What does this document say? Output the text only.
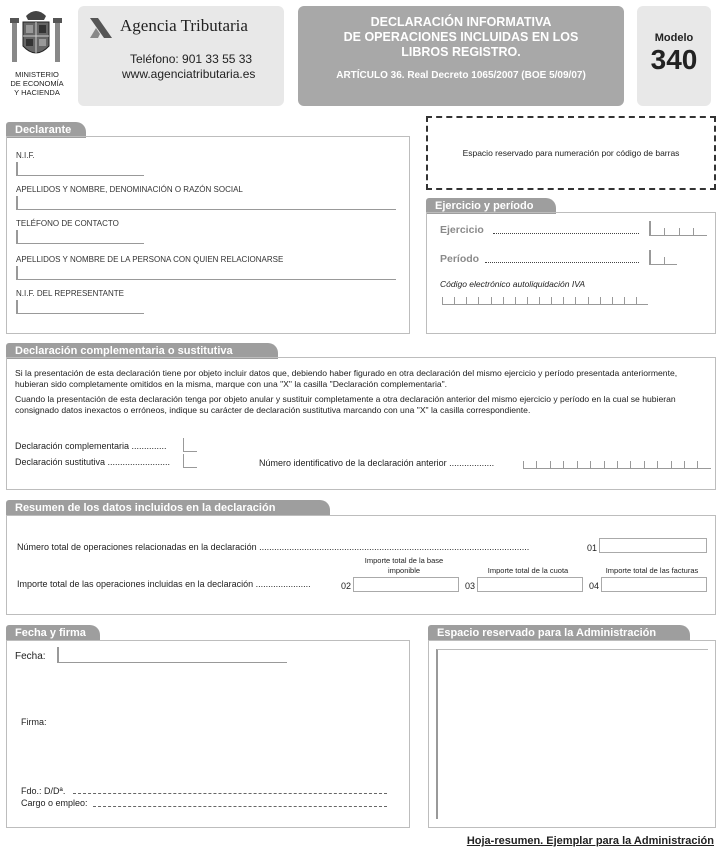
MINISTERIO
DE ECONOMÍA
Y HACIENDA
Agencia Tributaria
Teléfono: 901 33 55 33
www.agenciatributaria.es
DECLARACIÓN INFORMATIVA
DE OPERACIONES INCLUIDAS EN LOS
LIBROS REGISTRO.
ARTÍCULO 36. Real Decreto 1065/2007 (BOE 5/09/07)
Modelo
340
Declarante
N.I.F.
APELLIDOS Y NOMBRE, DENOMINACIÓN O RAZÓN SOCIAL
TELÉFONO DE CONTACTO
APELLIDOS Y NOMBRE DE LA PERSONA CON QUIEN RELACIONARSE
N.I.F. DEL REPRESENTANTE
Espacio reservado para numeración por código de barras
Ejercicio y período
Ejercicio
Período
Código electrónico autoliquidación IVA
Declaración complementaria o sustitutiva
Si la presentación de esta declaración tiene por objeto incluir datos que, debiendo haber figurado en otra declaración del mismo ejercicio y período presentada anteriormente, hubieran sido completamente omitidos en la misma, marque con una "X" la casilla "Declaración complementaria".
Cuando la presentación de esta declaración tenga por objeto anular y sustituir completamente a otra declaración anterior del mismo ejercicio y período en la cual se hubieran consignado datos inexactos o erróneos, indique su carácter de declaración sustitutiva marcando con una "X" la casilla correspondiente.
Declaración complementaria ..............
Declaración sustitutiva .........................	Número identificativo de la declaración anterior ..................
Resumen de los datos incluidos en la declaración
Número total de operaciones relacionadas en la declaración ............................................................................................................	01
Importe total de la base imponible	Importe total de la cuota	Importe total de las facturas
Importe total de las operaciones incluidas en la declaración ......................	02	03	04
Fecha y firma
Fecha:
Firma:
Fdo.: D/Dª.
Cargo o empleo:
Espacio reservado para la Administración
Hoja-resumen. Ejemplar para la Administración
